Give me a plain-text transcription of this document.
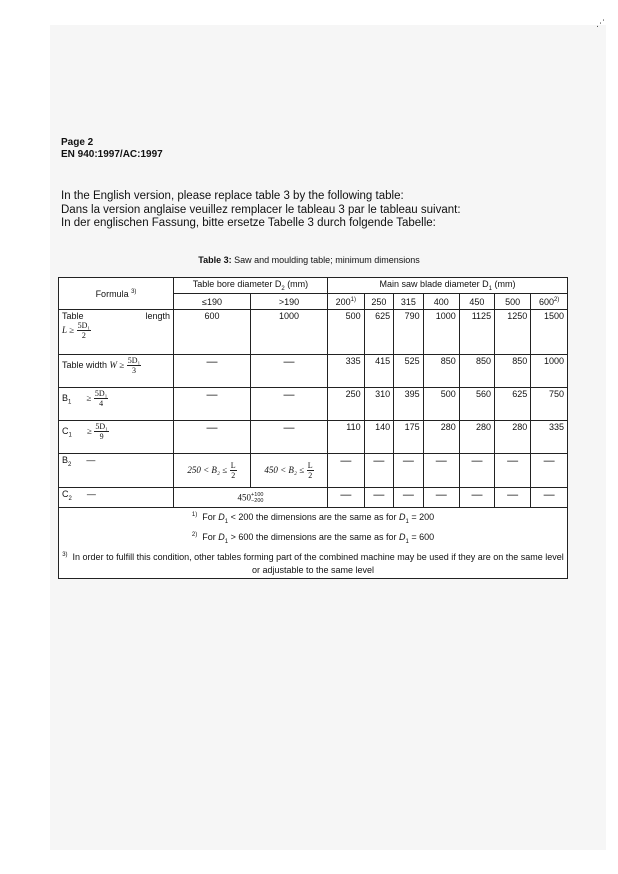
⋰
Page 2
EN 940:1997/AC:1997
In the English version, please replace table 3 by the following table:
Dans la version anglaise veuillez remplacer le tableau 3 par le tableau suivant:
In der englischen Fassung, bitte ersetze Tabelle 3 durch folgende Tabelle:
Table 3: Saw and moulding table; minimum dimensions
Formula $^{3)}$	Table bore diameter $D_2$ (mm)		Main saw blade diameter $D_1$ (mm)						
	≤190	>190	200$^{1)}$	250	315	400	450	500	600$^{2)}$

Table length
$L \ge \frac{\text{5D₁}}{2}$	600	1000	500	625	790	1000	1125	1250	1500
Table width $W \ge \frac{\text{5D₁}}{3}$	—	—	335	415	525	850	850	850	1000
$B_1 \ge \frac{\text{5D₁}}{4}$	—	—	250	310	395	500	560	625	750
$C_1 \ge \frac{\text{5D₁}}{9}$	—	—	110	140	175	280	280	280	335
$B_2$ —	$250 < B_2 \le \frac{L}{2}$	$450 < B_2 \le \frac{L}{2}$	—	—	—	—	—	—	—
$C_2$ —	450 +100
−200		—	—	—	—	—	—	—

$^{1)}$ For $D_1 < 200$ the dimensions are the same as for $D_1 = 200$
$^{2)}$ For $D_1 > 600$ the dimensions are the same as for $D_1 = 600$
$^{3)}$ In order to fulfill this condition, other tables forming part of the combined machine may be used if they are on the same level or adjustable to the same level									
